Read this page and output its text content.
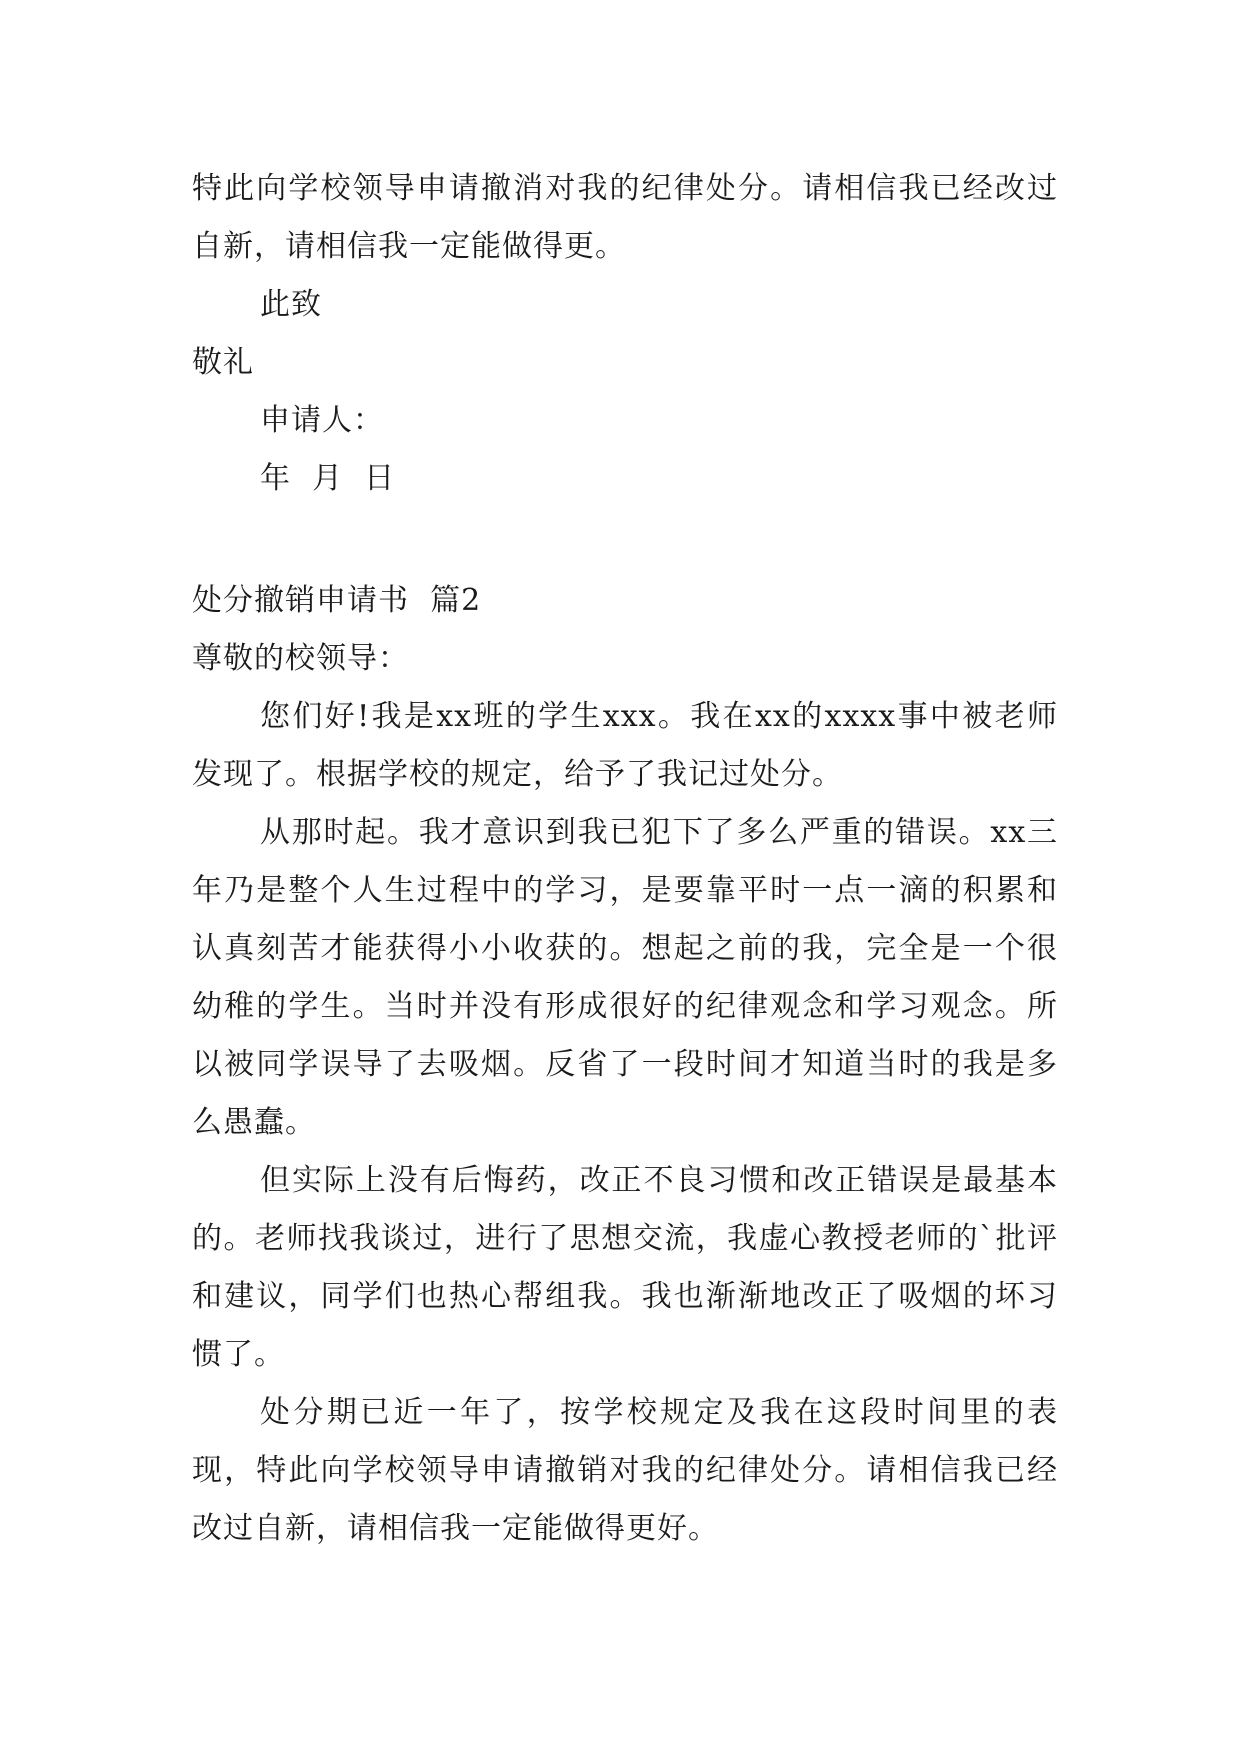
特此向学校领导申请撤消对我的纪律处分。请相信我已经改过自新，请相信我一定能做得更。

此致

敬礼

申请人：

年  月  日

处分撤销申请书  篇2

尊敬的校领导：

您们好!我是xx班的学生xxx。我在xx的xxxx事中被老师发现了。根据学校的规定，给予了我记过处分。

从那时起。我才意识到我已犯下了多么严重的错误。xx三年乃是整个人生过程中的学习，是要靠平时一点一滴的积累和认真刻苦才能获得小小收获的。想起之前的我，完全是一个很幼稚的学生。当时并没有形成很好的纪律观念和学习观念。所以被同学误导了去吸烟。反省了一段时间才知道当时的我是多么愚蠢。

但实际上没有后悔药，改正不良习惯和改正错误是最基本的。老师找我谈过，进行了思想交流，我虚心教授老师的`批评和建议，同学们也热心帮组我。我也渐渐地改正了吸烟的坏习惯了。

处分期已近一年了，按学校规定及我在这段时间里的表现，特此向学校领导申请撤销对我的纪律处分。请相信我已经改过自新，请相信我一定能做得更好。
